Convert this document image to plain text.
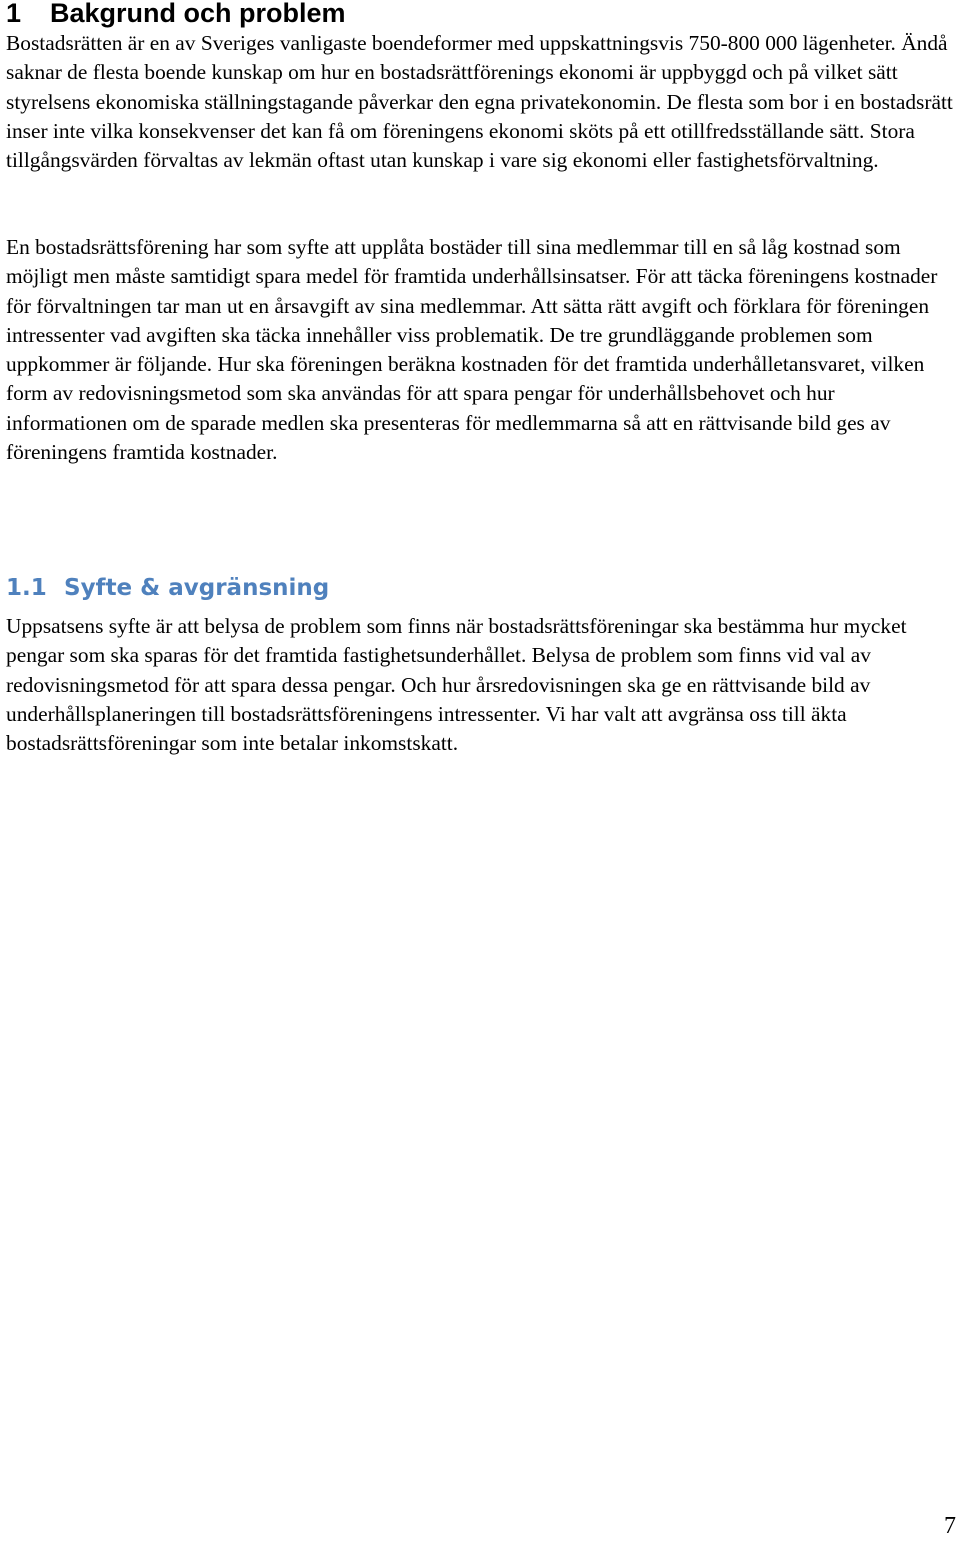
1 Bakgrund och problem

Bostadsrätten är en av Sveriges vanligaste boendeformer med uppskattningsvis 750-800 000 lägenheter. Ändå saknar de flesta boende kunskap om hur en bostadsrättförenings ekonomi är uppbyggd och på vilket sätt styrelsens ekonomiska ställningstagande påverkar den egna privatekonomin. De flesta som bor i en bostadsrätt inser inte vilka konsekvenser det kan få om föreningens ekonomi sköts på ett otillfredsställande sätt. Stora tillgångsvärden förvaltas av lekmän oftast utan kunskap i vare sig ekonomi eller fastighetsförvaltning.

En bostadsrättsförening har som syfte att upplåta bostäder till sina medlemmar till en så låg kostnad som möjligt men måste samtidigt spara medel för framtida underhållsinsatser. För att täcka föreningens kostnader för förvaltningen tar man ut en årsavgift av sina medlemmar. Att sätta rätt avgift och förklara för föreningen intressenter vad avgiften ska täcka innehåller viss problematik. De tre grundläggande problemen som uppkommer är följande. Hur ska föreningen beräkna kostnaden för det framtida underhålletansvaret, vilken form av redovisningsmetod som ska användas för att spara pengar för underhållsbehovet och hur informationen om de sparade medlen ska presenteras för medlemmarna så att en rättvisande bild ges av föreningens framtida kostnader.

1.1 Syfte & avgränsning

Uppsatsens syfte är att belysa de problem som finns när bostadsrättsföreningar ska bestämma hur mycket pengar som ska sparas för det framtida fastighetsunderhållet. Belysa de problem som finns vid val av redovisningsmetod för att spara dessa pengar. Och hur årsredovisningen ska ge en rättvisande bild av underhållsplaneringen till bostadsrättsföreningens intressenter. Vi har valt att avgränsa oss till äkta bostadsrättsföreningar som inte betalar inkomstskatt.

7
